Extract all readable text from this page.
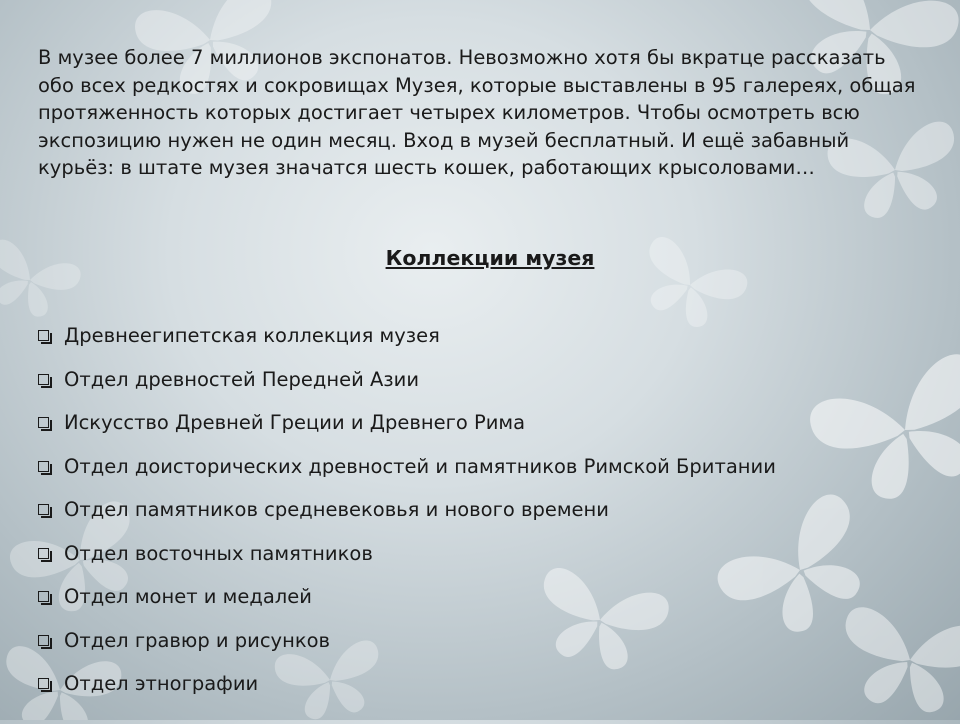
В музее более 7 миллионов экспонатов. Невозможно хотя бы вкратце рассказать обо всех редкостях и сокровищах Музея, которые выставлены в 95 галереях, общая протяженность которых достигает четырех километров. Чтобы осмотреть всю экспозицию нужен не один месяц. Вход в музей бесплатный. И ещё забавный курьёз: в штате музея значатся шесть кошек, работающих крысоловами…

Коллекции музея
Древнеегипетская коллекция музея
Отдел древностей Передней Азии
Искусство Древней Греции и Древнего Рима
Отдел доисторических древностей и памятников Римской Британии
Отдел памятников средневековья и нового времени
Отдел восточных памятников
Отдел монет и медалей
Отдел гравюр и рисунков
Отдел этнографии
